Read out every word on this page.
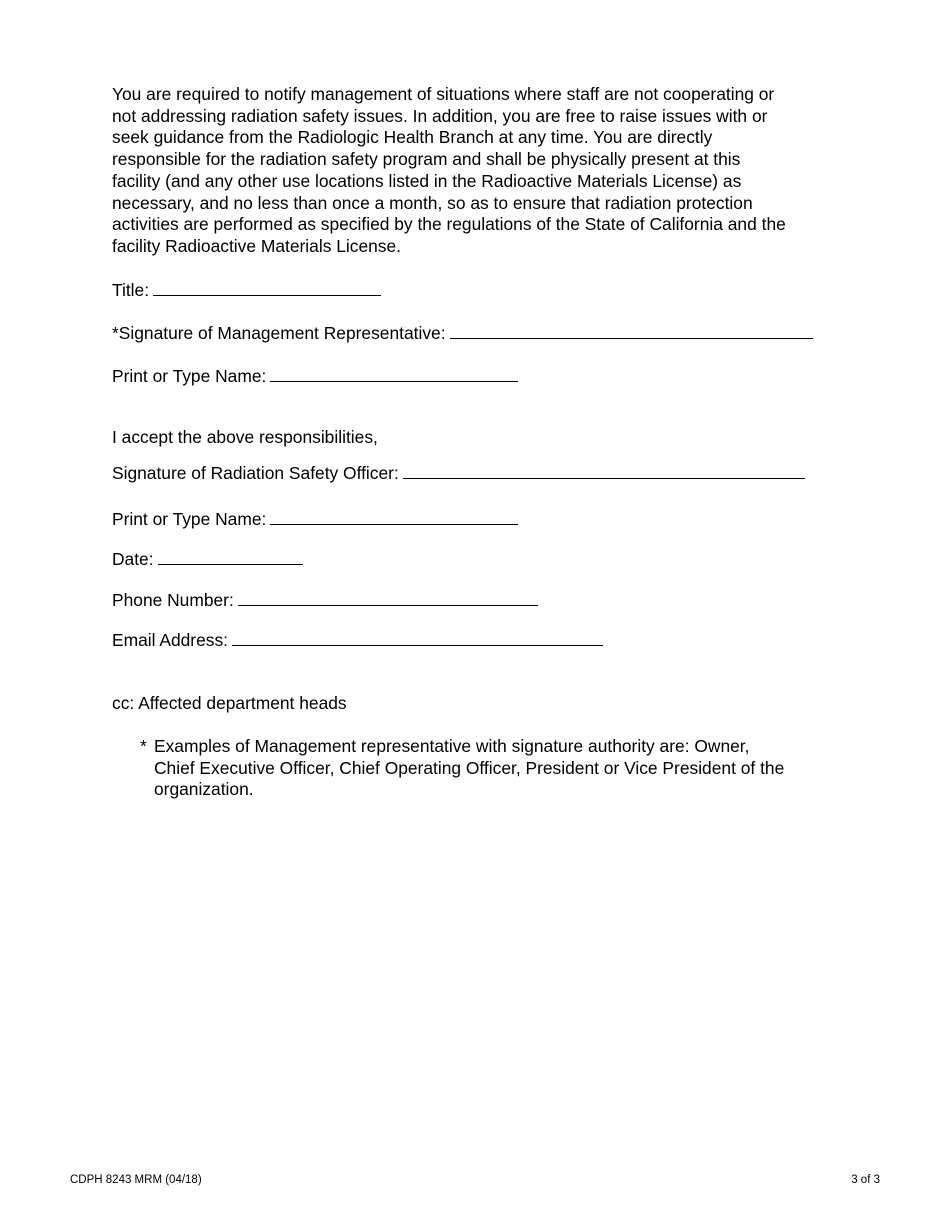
You are required to notify management of situations where staff are not cooperating or
not addressing radiation safety issues. In addition, you are free to raise issues with or
seek guidance from the Radiologic Health Branch at any time. You are directly
responsible for the radiation safety program and shall be physically present at this
facility (and any other use locations listed in the Radioactive Materials License) as
necessary, and no less than once a month, so as to ensure that radiation protection
activities are performed as specified by the regulations of the State of California and the
facility Radioactive Materials License.
Title:
*Signature of Management Representative:
Print or Type Name:
I accept the above responsibilities,
Signature of Radiation Safety Officer:
Print or Type Name:
Date:
Phone Number:
Email Address:
cc: Affected department heads
* Examples of Management representative with signature authority are: Owner,
Chief Executive Officer, Chief Operating Officer, President or Vice President of the
organization.
CDPH 8243 MRM (04/18)	3 of 3
